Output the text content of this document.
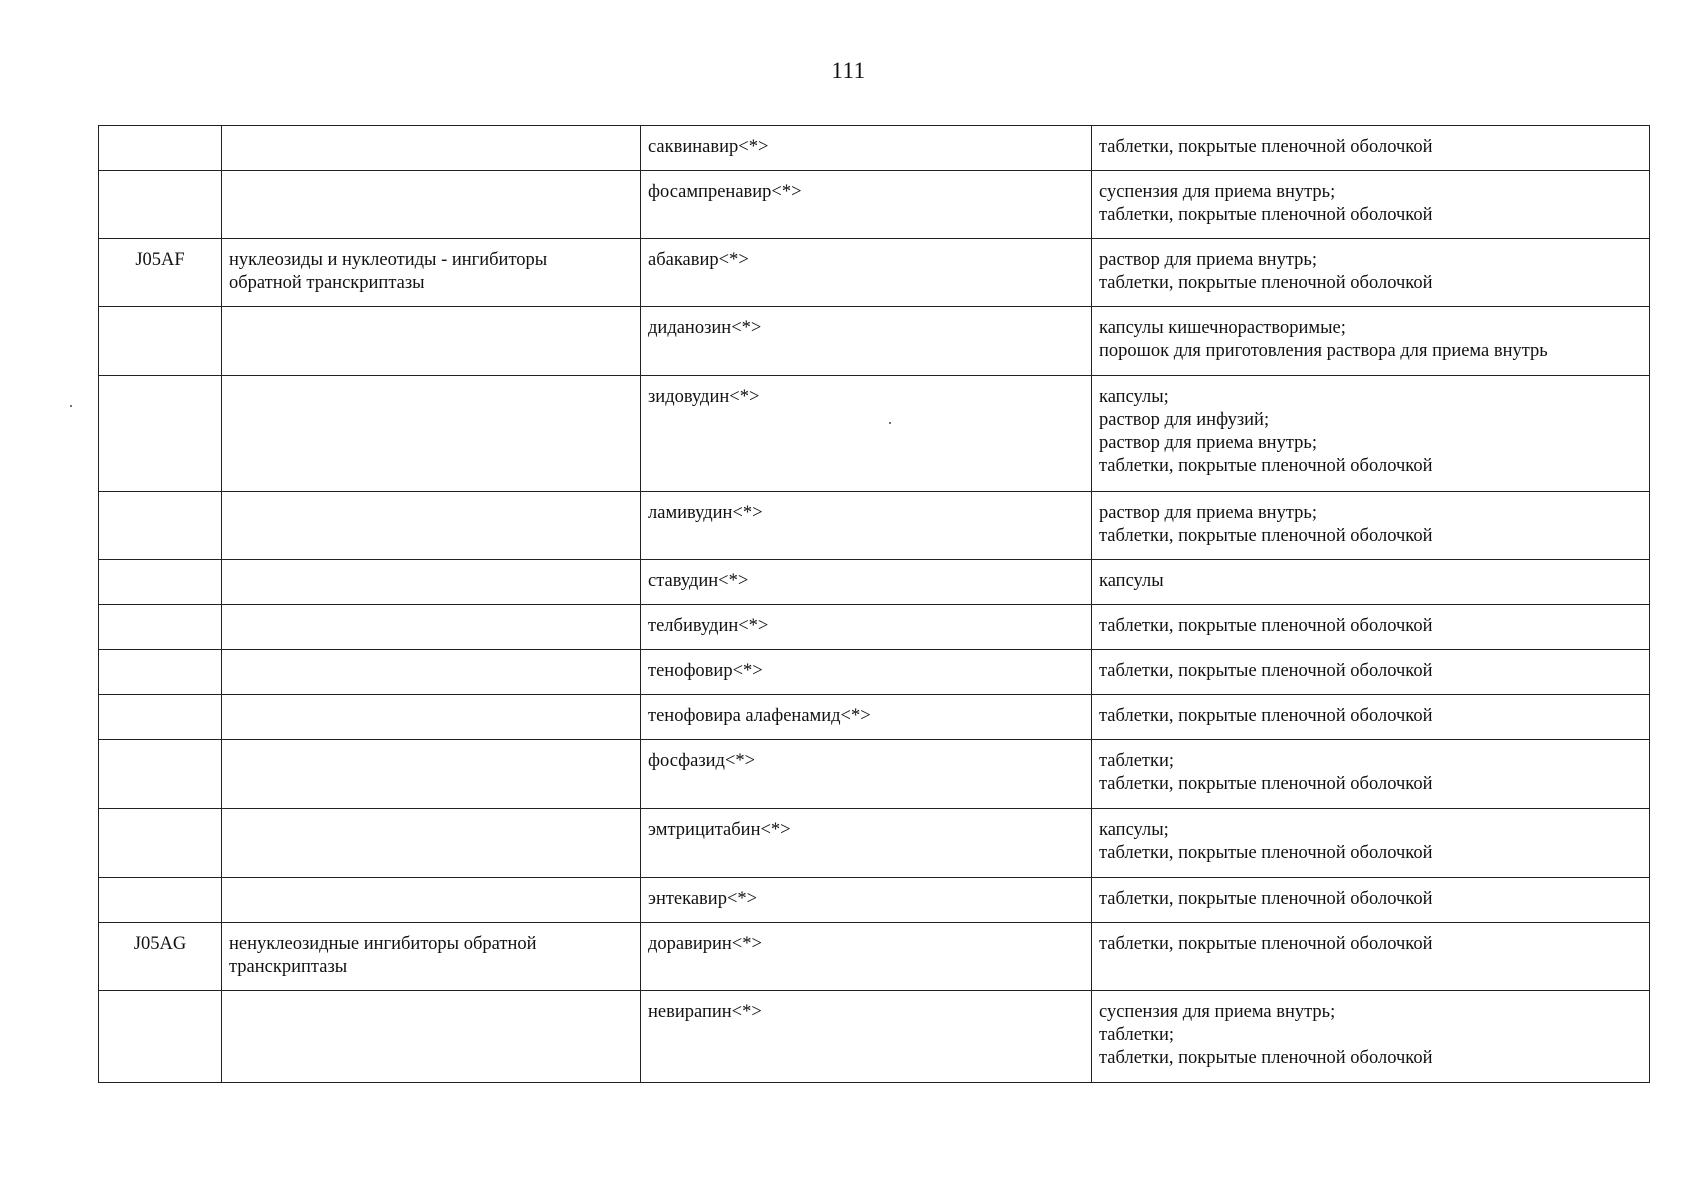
111
		саквинавир<*>	таблетки, покрытые пленочной оболочкой

		фосампренавир<*>	суспензия для приема внутрь;
таблетки, покрытые пленочной оболочкой

J05AF	нуклеозиды и нуклеотиды - ингибиторы
обратной транскриптазы	абакавир<*>	раствор для приема внутрь;
таблетки, покрытые пленочной оболочкой

		диданозин<*>	капсулы кишечнорастворимые;
порошок для приготовления раствора для приема внутрь

		зидовудин<*>	капсулы;
раствор для инфузий;
раствор для приема внутрь;
таблетки, покрытые пленочной оболочкой

		ламивудин<*>	раствор для приема внутрь;
таблетки, покрытые пленочной оболочкой

		ставудин<*>	капсулы

		телбивудин<*>	таблетки, покрытые пленочной оболочкой

		тенофовир<*>	таблетки, покрытые пленочной оболочкой

		тенофовира алафенамид<*>	таблетки, покрытые пленочной оболочкой

		фосфазид<*>	таблетки;
таблетки, покрытые пленочной оболочкой

		эмтрицитабин<*>	капсулы;
таблетки, покрытые пленочной оболочкой

		энтекавир<*>	таблетки, покрытые пленочной оболочкой

J05AG	ненуклеозидные ингибиторы обратной
транскриптазы	доравирин<*>	таблетки, покрытые пленочной оболочкой

		невирапин<*>	суспензия для приема внутрь;
таблетки;
таблетки, покрытые пленочной оболочкой
